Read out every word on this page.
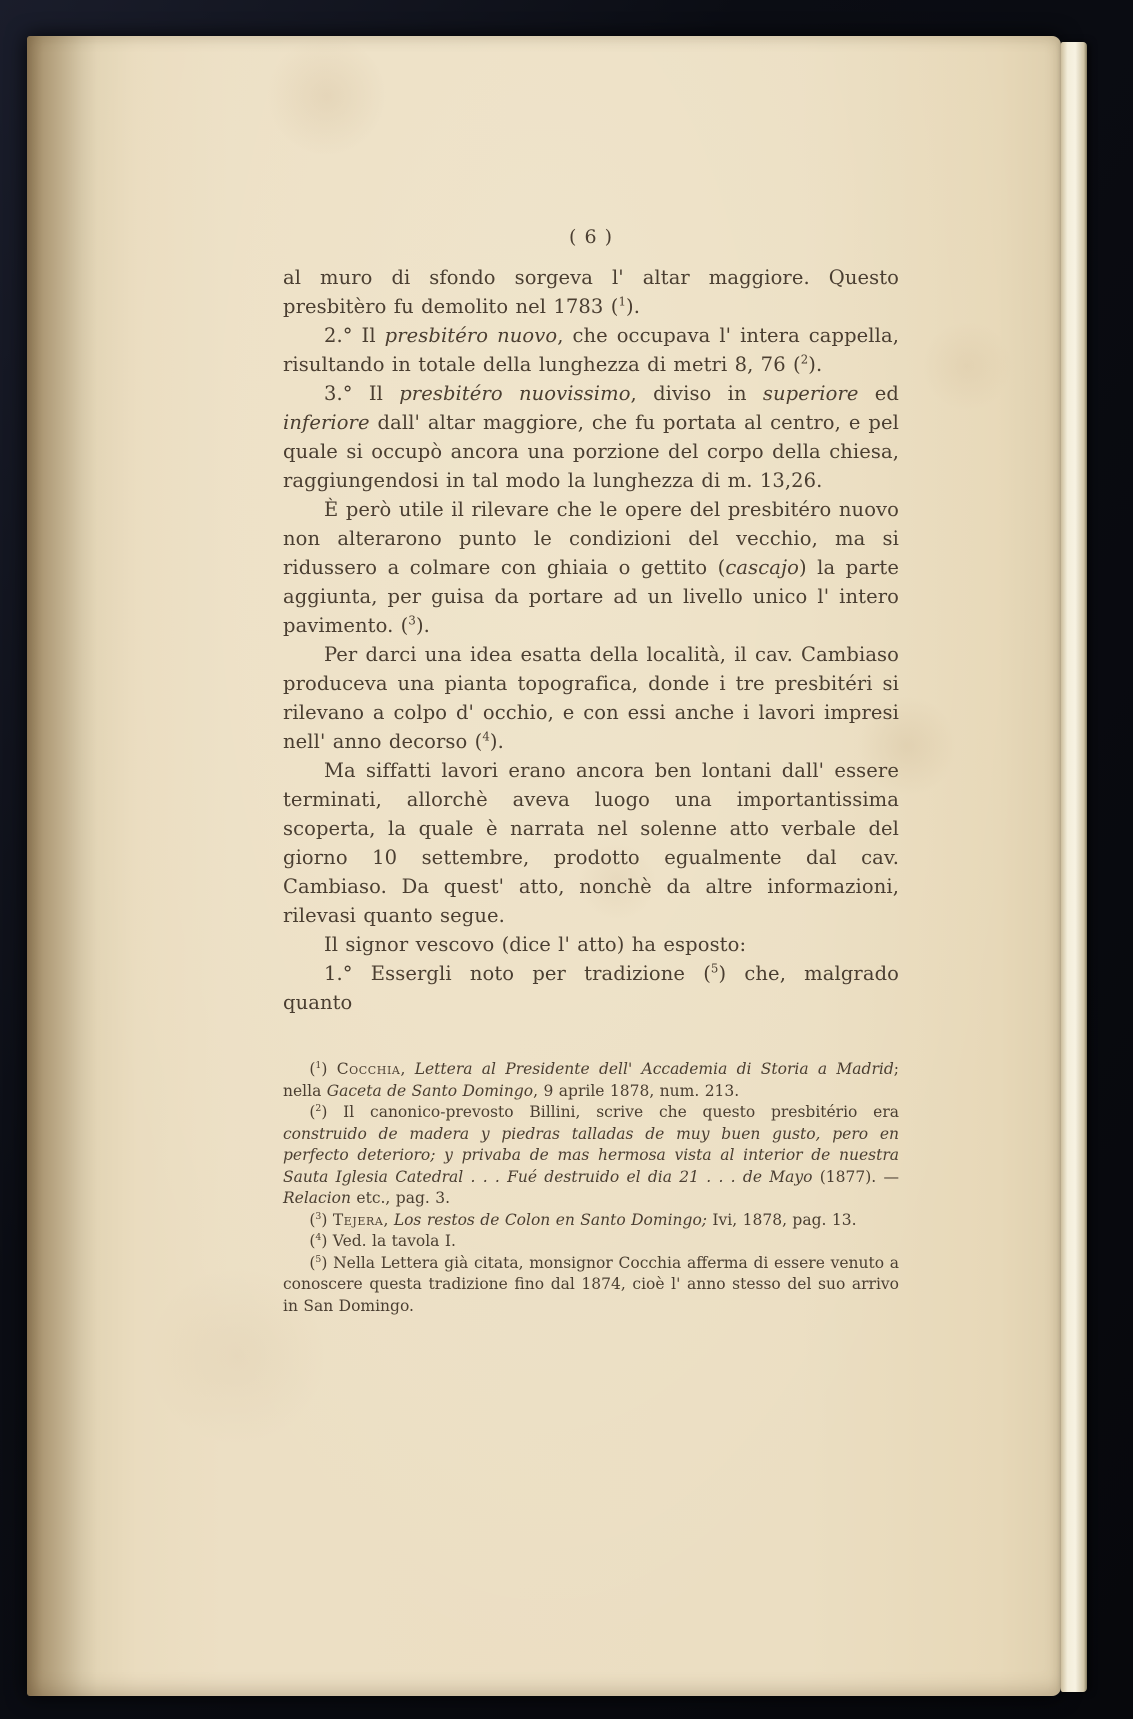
( 6 )
al muro di sfondo sorgeva l' altar maggiore. Questo presbitèro fu demolito nel 1783 ($^1$).
2.° Il presbitéro nuovo, che occupava l' intera cappella, risultando in totale della lunghezza di metri 8, 76 ($^2$).
3.° Il presbitéro nuovissimo, diviso in superiore ed inferiore dall' altar maggiore, che fu portata al centro, e pel quale si occupò ancora una porzione del corpo della chiesa, raggiungendosi in tal modo la lunghezza di m. 13,26.
È però utile il rilevare che le opere del presbitéro nuovo non alterarono punto le condizioni del vecchio, ma si ridussero a colmare con ghiaia o gettito (cascajo) la parte aggiunta, per guisa da portare ad un livello unico l' intero pavimento. ($^3$).
Per darci una idea esatta della località, il cav. Cambiaso produceva una pianta topografica, donde i tre presbitéri si rilevano a colpo d' occhio, e con essi anche i lavori impresi nell' anno decorso ($^4$).
Ma siffatti lavori erano ancora ben lontani dall' essere terminati, allorchè aveva luogo una importantissima scoperta, la quale è narrata nel solenne atto verbale del giorno 10 settembre, prodotto egualmente dal cav. Cambiaso. Da quest' atto, nonchè da altre informazioni, rilevasi quanto segue.
Il signor vescovo (dice l' atto) ha esposto:
1.° Essergli noto per tradizione ($^5$) che, malgrado quanto
($^1$) Cocchia, Lettera al Presidente dell' Accademia di Storia a Madrid; nella Gaceta de Santo Domingo, 9 aprile 1878, num. 213.
($^2$) Il canonico-prevosto Billini, scrive che questo presbitério era construido de madera y piedras talladas de muy buen gusto, pero en perfecto deterioro; y privaba de mas hermosa vista al interior de nuestra Sauta Iglesia Catedral . . . Fué destruido el dia 21 . . . de Mayo (1877). — Relacion etc., pag. 3.
($^3$) Tejera, Los restos de Colon en Santo Domingo; Ivi, 1878, pag. 13.
($^4$) Ved. la tavola I.
($^5$) Nella Lettera già citata, monsignor Cocchia afferma di essere venuto a conoscere questa tradizione fino dal 1874, cioè l' anno stesso del suo arrivo in San Domingo.
